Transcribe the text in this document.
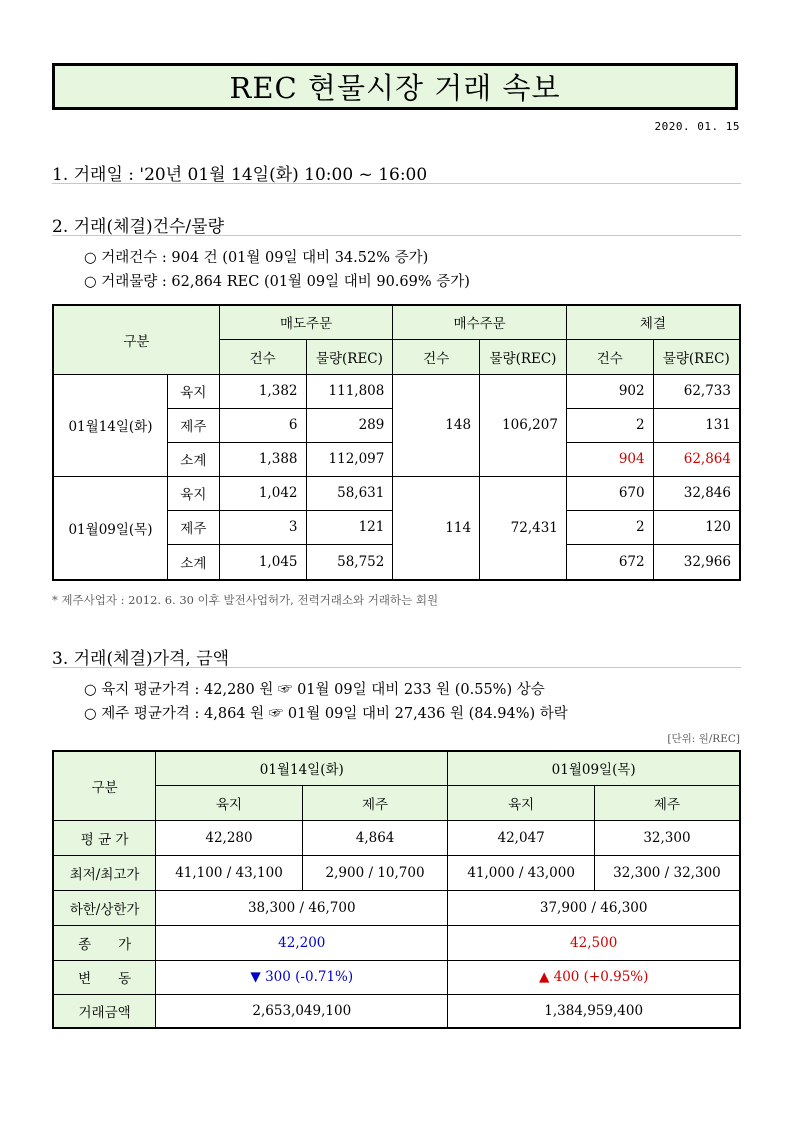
REC 현물시장 거래 속보
2020. 01. 15
1. 거래일 : '20년 01월 14일(화) 10:00 ~ 16:00
2. 거래(체결)건수/물량
○ 거래건수 : 904 건 (01월 09일 대비 34.52% 증가)
○ 거래물량 : 62,864 REC (01월 09일 대비 90.69% 증가)
구분		매도주문		매수주문		체결	
		건수	물량(REC)	건수	물량(REC)	건수	물량(REC)
01월14일(화)	육지	1,382	111,808	148	106,207	902	62,733
	제주	6	289			2	131
	소계	1,388	112,097			904	62,864
01월09일(목)	육지	1,042	58,631	114	72,431	670	32,846
	제주	3	121			2	120
	소계	1,045	58,752			672	32,966
* 제주사업자 : 2012. 6. 30 이후 발전사업허가, 전력거래소와 거래하는 회원
3. 거래(체결)가격, 금액
○ 육지 평균가격 : 42,280 원 ☞ 01월 09일 대비 233 원 (0.55%) 상승
○ 제주 평균가격 : 4,864 원 ☞ 01월 09일 대비 27,436 원 (84.94%) 하락
[단위: 원/REC]
구분	01월14일(화)		01월09일(목)	
	육지	제주	육지	제주
평 균 가	42,280	4,864	42,047	32,300
최저/최고가	41,100 / 43,100	2,900 / 10,700	41,000 / 43,000	32,300 / 32,300
하한/상한가	38,300 / 46,700		37,900 / 46,300	
종　　가	42,200		42,500	
변　　동	▼ 300 (-0.71%)		▲ 400 (+0.95%)	
거래금액	2,653,049,100		1,384,959,400	
